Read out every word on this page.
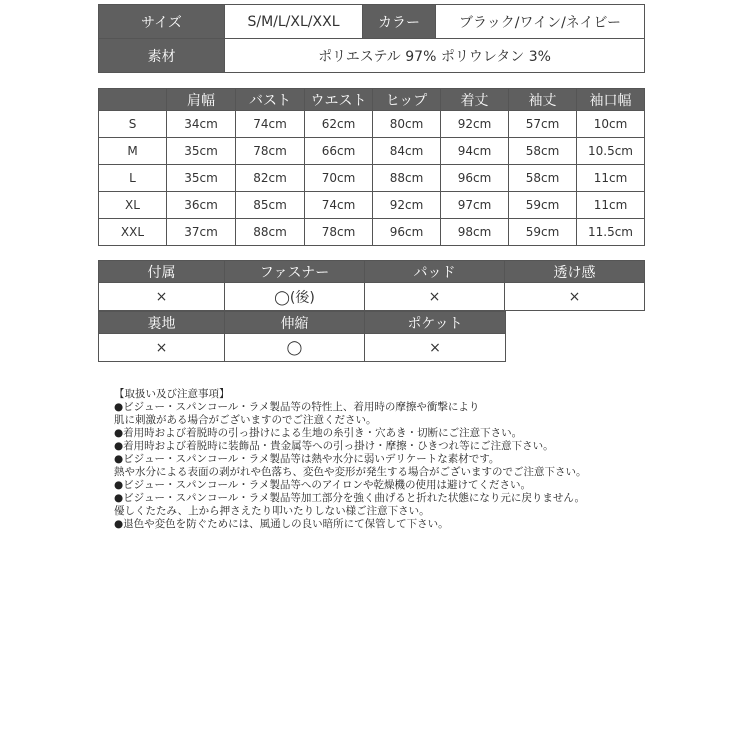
サイズ	S/M/L/XL/XXL	カラー	ブラック/ワイン/ネイビー
素材	ポリエステル 97% ポリウレタン 3%		
	肩幅	バスト	ウエスト	ヒップ	着丈	袖丈	袖口幅
S	34cm	74cm	62cm	80cm	92cm	57cm	10cm
M	35cm	78cm	66cm	84cm	94cm	58cm	10.5cm
L	35cm	82cm	70cm	88cm	96cm	58cm	11cm
XL	36cm	85cm	74cm	92cm	97cm	59cm	11cm
XXL	37cm	88cm	78cm	96cm	98cm	59cm	11.5cm
付属	ファスナー	パッド	透け感
×	◯(後)	×	×
裏地	伸縮	ポケット
×	◯	×
【取扱い及び注意事項】
●ビジュー・スパンコール・ラメ製品等の特性上、着用時の摩擦や衝撃により
肌に刺激がある場合がございますのでご注意ください。
●着用時および着脱時の引っ掛けによる生地の糸引き・穴あき・切断にご注意下さい。
●着用時および着脱時に装飾品・貴金属等への引っ掛け・摩擦・ひきつれ等にご注意下さい。
●ビジュー・スパンコール・ラメ製品等は熱や水分に弱いデリケートな素材です。
熱や水分による表面の剥がれや色落ち、変色や変形が発生する場合がございますのでご注意下さい。
●ビジュー・スパンコール・ラメ製品等へのアイロンや乾燥機の使用は避けてください。
●ビジュー・スパンコール・ラメ製品等加工部分を強く曲げると折れた状態になり元に戻りません。
優しくたたみ、上から押さえたり叩いたりしない様ご注意下さい。
●退色や変色を防ぐためには、風通しの良い暗所にて保管して下さい。
